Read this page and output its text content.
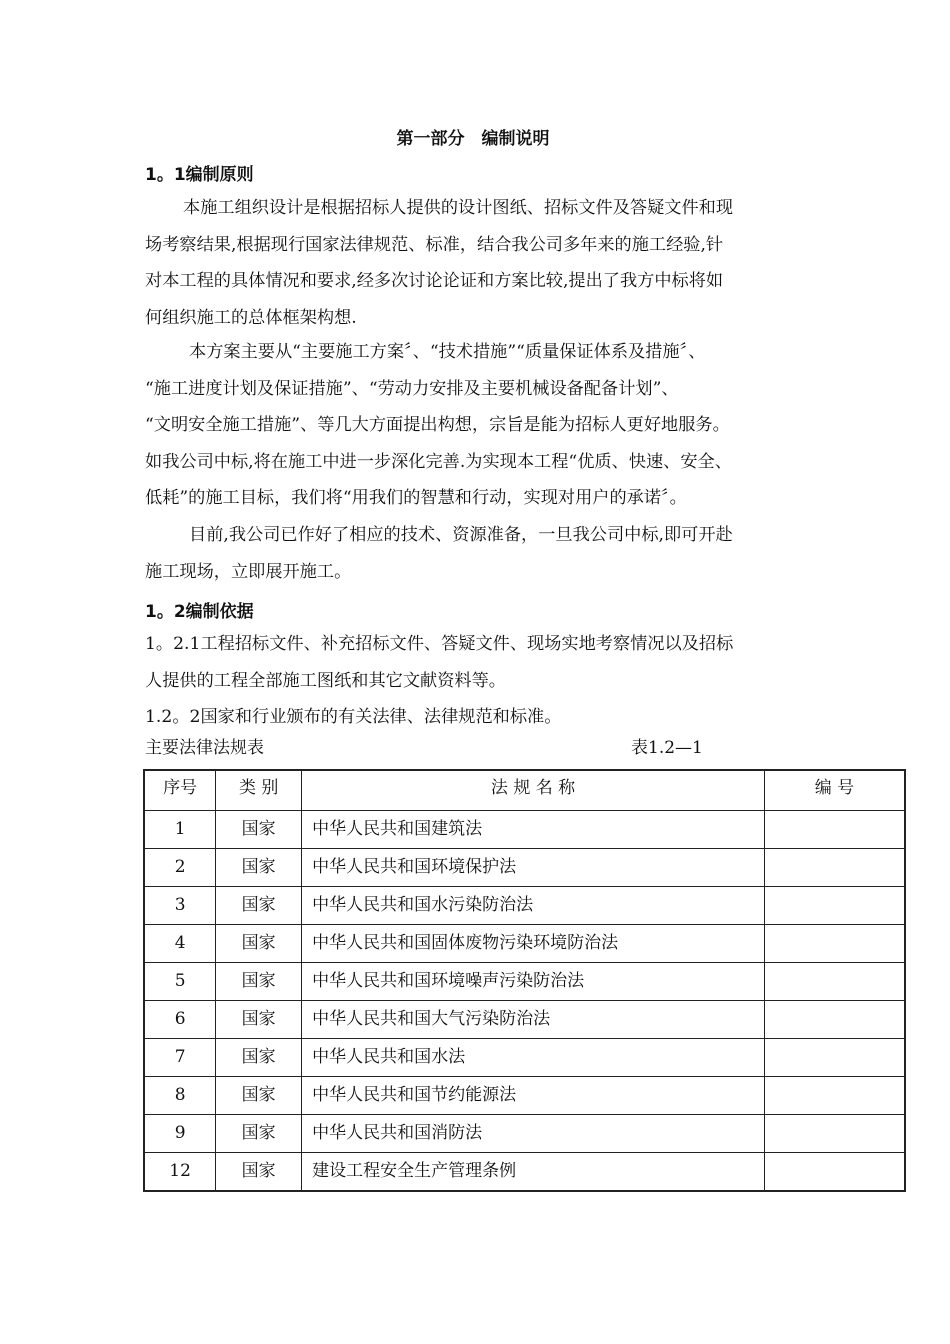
第一部分　编制说明
1。1编制原则
本施工组织设计是根据招标人提供的设计图纸、招标文件及答疑文件和现
场考察结果,根据现行国家法律规范、标准，结合我公司多年来的施工经验,针
对本工程的具体情况和要求,经多次讨论论证和方案比较,提出了我方中标将如
何组织施工的总体框架构想.
本方案主要从“主要施工方案〞、“技术措施”“质量保证体系及措施〞、
“施工进度计划及保证措施”、“劳动力安排及主要机械设备配备计划”、
“文明安全施工措施”、等几大方面提出构想，宗旨是能为招标人更好地服务。
如我公司中标,将在施工中进一步深化完善.为实现本工程“优质、快速、安全、
低耗”的施工目标，我们将“用我们的智慧和行动，实现对用户的承诺〞。
目前,我公司已作好了相应的技术、资源准备，一旦我公司中标,即可开赴
施工现场，立即展开施工。
1。2编制依据
1。2.1工程招标文件、补充招标文件、答疑文件、现场实地考察情况以及招标
人提供的工程全部施工图纸和其它文献资料等。
1.2。2国家和行业颁布的有关法律、法律规范和标准。
主要法律法规表	表1.2—1
序号	类 别	法 规 名 称	编 号
1	国家	中华人民共和国建筑法	
2	国家	中华人民共和国环境保护法	
3	国家	中华人民共和国水污染防治法	
4	国家	中华人民共和国固体废物污染环境防治法	
5	国家	中华人民共和国环境噪声污染防治法	
6	国家	中华人民共和国大气污染防治法	
7	国家	中华人民共和国水法	
8	国家	中华人民共和国节约能源法	
9	国家	中华人民共和国消防法	
12	国家	建设工程安全生产管理条例	
